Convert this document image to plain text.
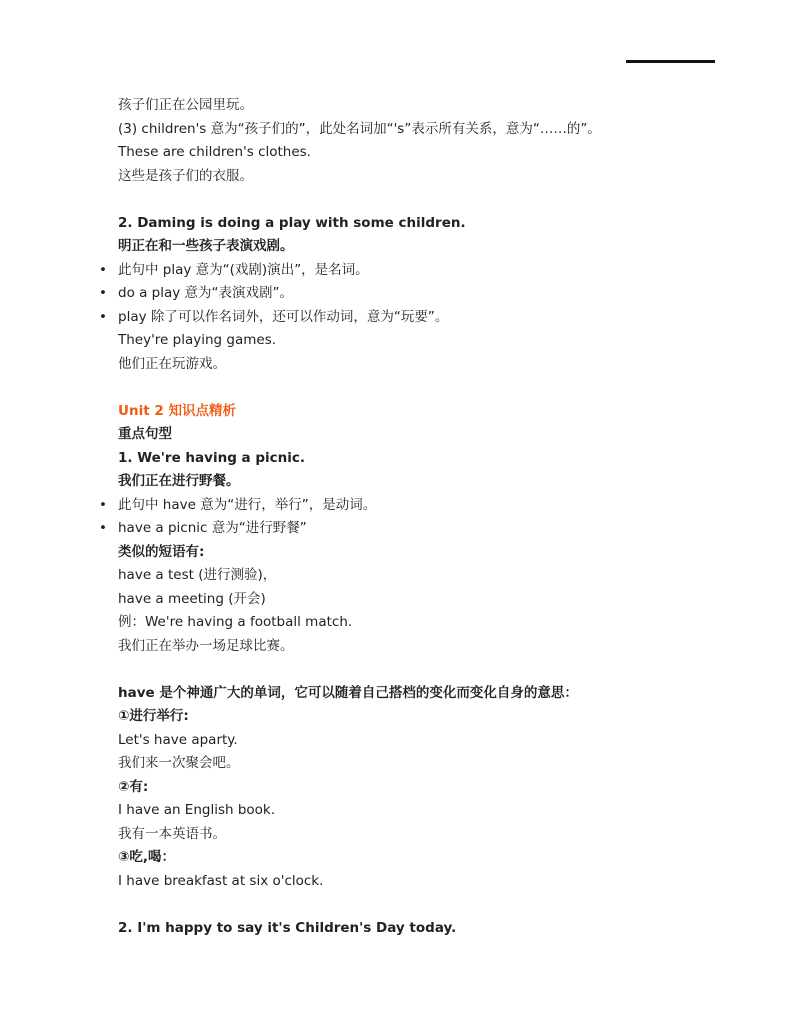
孩子们正在公园里玩。
(3) children's 意为“孩子们的”，此处名词加“'s”表示所有关系，意为“……的”。
These are children's clothes.
这些是孩子们的衣服。
2. Daming is doing a play with some children.
明正在和一些孩子表演戏剧。
• 此句中 play 意为“(戏剧)演出”，是名词。
• do a play 意为“表演戏剧”。
• play 除了可以作名词外，还可以作动词，意为“玩要”。
They're playing games.
他们正在玩游戏。
Unit 2 知识点精析
重点句型
1. We're having a picnic.
我们正在进行野餐。
• 此句中 have 意为“进行，举行”，是动词。
• have a picnic 意为“进行野餐”
类似的短语有:
have a test (进行测验)，
have a meeting (开会)
例：We're having a football match.
我们正在举办一场足球比赛。
have 是个神通广大的单词，它可以随着自己搭档的变化而变化自身的意思：
①进行举行:
Let's have aparty.
我们来一次聚会吧。
②有:
I have an English book.
我有一本英语书。
③吃,喝：
I have breakfast at six o'clock.
2. I'm happy to say it's Children's Day today.
